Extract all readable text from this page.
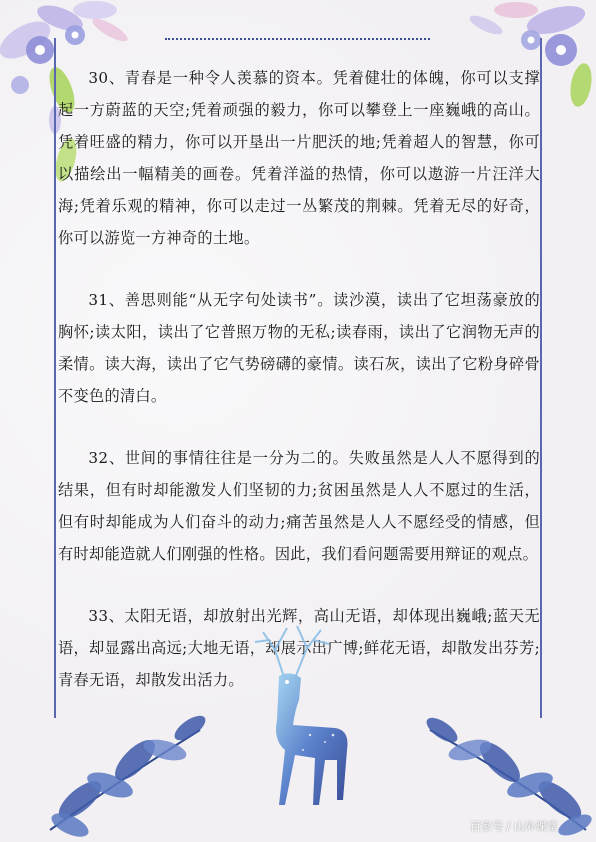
30、青春是一种令人羡慕的资本。凭着健壮的体魄，你可以支撑起一方蔚蓝的天空;凭着顽强的毅力，你可以攀登上一座巍峨的高山。凭着旺盛的精力，你可以开垦出一片肥沃的地;凭着超人的智慧，你可以描绘出一幅精美的画卷。凭着洋溢的热情，你可以遨游一片汪洋大海;凭着乐观的精神，你可以走过一丛繁茂的荆棘。凭着无尽的好奇，你可以游览一方神奇的土地。

31、善思则能“从无字句处读书”。读沙漠，读出了它坦荡豪放的胸怀;读太阳，读出了它普照万物的无私;读春雨，读出了它润物无声的柔情。读大海，读出了它气势磅礴的豪情。读石灰，读出了它粉身碎骨不变色的清白。

32、世间的事情往往是一分为二的。失败虽然是人人不愿得到的结果，但有时却能激发人们坚韧的力;贫困虽然是人人不愿过的生活，但有时却能成为人们奋斗的动力;痛苦虽然是人人不愿经受的情感，但有时却能造就人们刚强的性格。因此，我们看问题需要用辩证的观点。

33、太阳无语，却放射出光辉，高山无语，却体现出巍峨;蓝天无语，却显露出高远;大地无语，却展示出广博;鲜花无语，却散发出芬芳;青春无语，却散发出活力。

百家号 / 山外课堂
